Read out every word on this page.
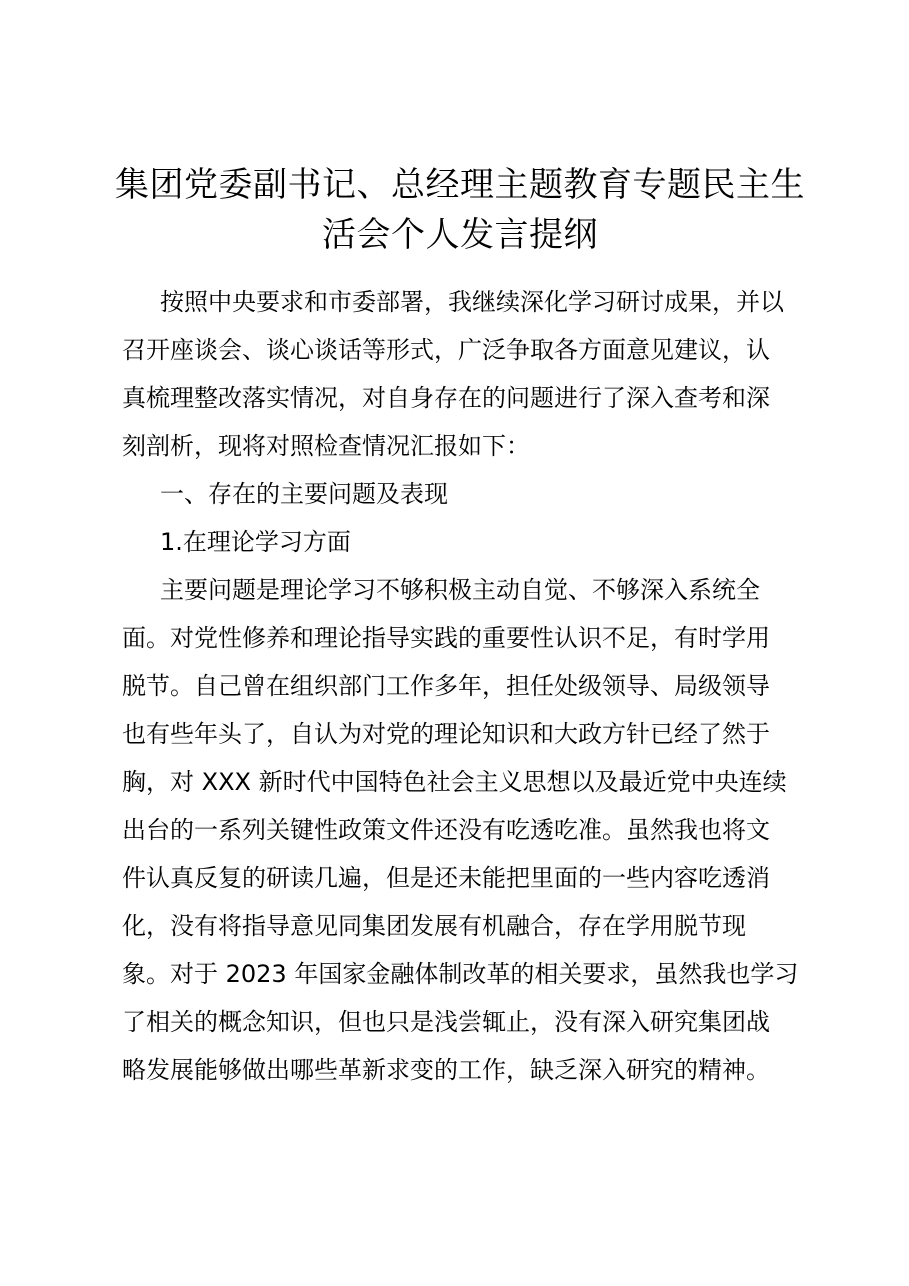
集团党委副书记、总经理主题教育专题民主生
活会个人发言提纲
按照中央要求和市委部署，我继续深化学习研讨成果，并以
召开座谈会、谈心谈话等形式，广泛争取各方面意见建议，认
真梳理整改落实情况，对自身存在的问题进行了深入查考和深
刻剖析，现将对照检查情况汇报如下：
一、存在的主要问题及表现
1.在理论学习方面
主要问题是理论学习不够积极主动自觉、不够深入系统全
面。对党性修养和理论指导实践的重要性认识不足，有时学用
脱节。自己曾在组织部门工作多年，担任处级领导、局级领导
也有些年头了，自认为对党的理论知识和大政方针已经了然于
胸，对 XXX 新时代中国特色社会主义思想以及最近党中央连续
出台的一系列关键性政策文件还没有吃透吃准。虽然我也将文
件认真反复的研读几遍，但是还未能把里面的一些内容吃透消
化，没有将指导意见同集团发展有机融合，存在学用脱节现
象。对于 2023 年国家金融体制改革的相关要求，虽然我也学习
了相关的概念知识，但也只是浅尝辄止，没有深入研究集团战
略发展能够做出哪些革新求变的工作，缺乏深入研究的精神。
